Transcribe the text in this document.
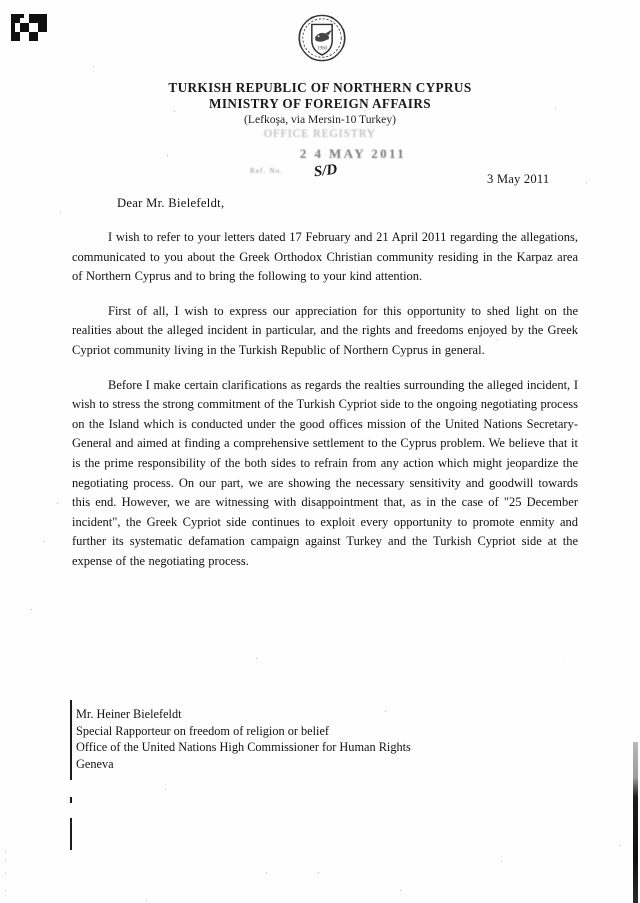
1960
TURKISH REPUBLIC OF NORTHERN CYPRUS
MINISTRY OF FOREIGN AFFAIRS
(Lefkoşa, via Mersin-10 Turkey)
OFFICE REGISTRY
2 4 MAY 2011
Ref. No. S/D	3 May 2011
Dear Mr. Bielefeldt,

I wish to refer to your letters dated 17 February and 21 April 2011 regarding the allegations, communicated to you about the Greek Orthodox Christian community residing in the Karpaz area of Northern Cyprus and to bring the following to your kind attention.

First of all, I wish to express our appreciation for this opportunity to shed light on the realities about the alleged incident in particular, and the rights and freedoms enjoyed by the Greek Cypriot community living in the Turkish Republic of Northern Cyprus in general.

Before I make certain clarifications as regards the realties surrounding the alleged incident, I wish to stress the strong commitment of the Turkish Cypriot side to the ongoing negotiating process on the Island which is conducted under the good offices mission of the United Nations Secretary-General and aimed at finding a comprehensive settlement to the Cyprus problem. We believe that it is the prime responsibility of the both sides to refrain from any action which might jeopardize the negotiating process. On our part, we are showing the necessary sensitivity and goodwill towards this end. However, we are witnessing with disappointment that, as in the case of "25 December incident", the Greek Cypriot side continues to exploit every opportunity to promote enmity and further its systematic defamation campaign against Turkey and the Turkish Cypriot side at the expense of the negotiating process.

Mr. Heiner Bielefeldt
Special Rapporteur on freedom of religion or belief
Office of the United Nations High Commissioner for Human Rights
Geneva
